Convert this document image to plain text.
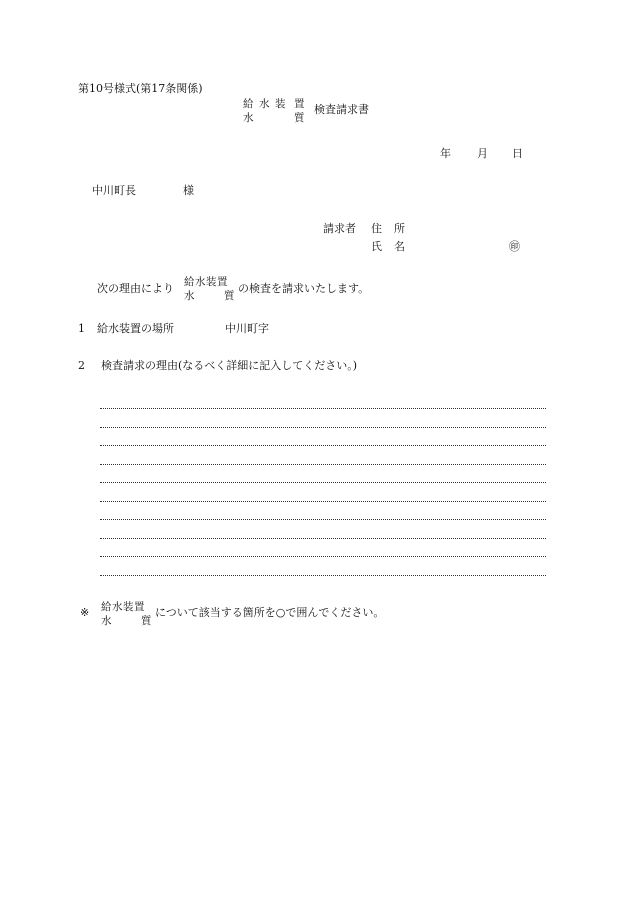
第10号様式(第17条関係)
給 水 装 置
水	質
検査請求書
年 月 日
中川町長	様
請求者 住 所
氏 名	㊞
次の理由により 給水装置
水	質
の検査を請求いたします。
1 給水装置の場所	中川町字
2 検査請求の理由(なるべく詳細に記入してください。)
※ 給水装置
水	質
について該当する箇所を○で囲んでください。
